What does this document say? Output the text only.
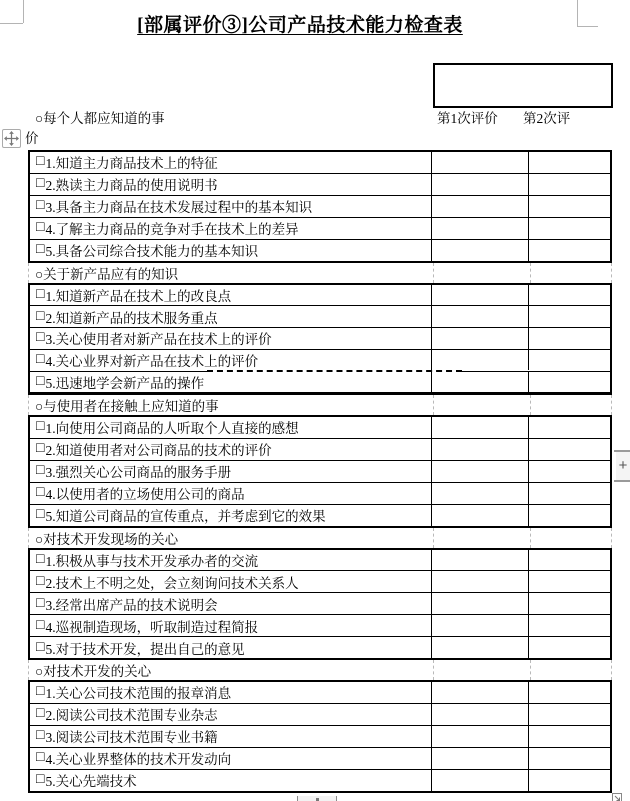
[部属评价③]公司产品技术能力检查表
○每个人都应知道的事	第1次评价 第2次评
价
□ 1.知道主力商品技术上的特征
□ 2.熟读主力商品的使用说明书
□ 3.具备主力商品在技术发展过程中的基本知识
□ 4.了解主力商品的竞争对手在技术上的差异
□ 5.具备公司综合技术能力的基本知识
○关于新产品应有的知识
□ 1.知道新产品在技术上的改良点
□ 2.知道新产品的技术服务重点
□ 3.关心使用者对新产品在技术上的评价
□ 4.关心业界对新产品在技术上的评价
□ 5.迅速地学会新产品的操作
○与使用者在接触上应知道的事
□ 1.向使用公司商品的人听取个人直接的感想
□ 2.知道使用者对公司商品的技术的评价
□ 3.强烈关心公司商品的服务手册
□ 4.以使用者的立场使用公司的商品
□ 5.知道公司商品的宣传重点，并考虑到它的效果
○对技术开发现场的关心
□ 1.积极从事与技术开发承办者的交流
□ 2.技术上不明之处，会立刻询问技术关系人
□ 3.经常出席产品的技术说明会
□ 4.巡视制造现场，听取制造过程简报
□ 5.对于技术开发，提出自己的意见
○对技术开发的关心
□ 1.关心公司技术范围的报章消息
□ 2.阅读公司技术范围专业杂志
□ 3.阅读公司技术范围专业书籍
□ 4.关心业界整体的技术开发动向
□ 5.关心先端技术
+
